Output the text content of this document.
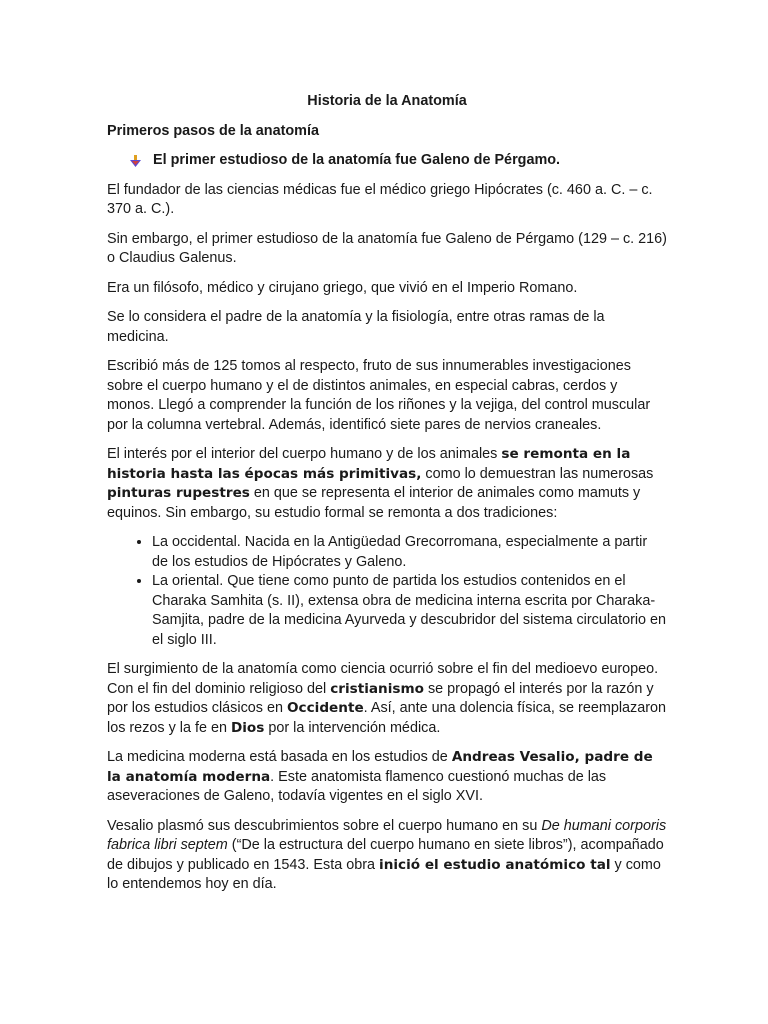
Historia de la Anatomía
Primeros pasos de la anatomía
El primer estudioso de la anatomía fue Galeno de Pérgamo.

El fundador de las ciencias médicas fue el médico griego Hipócrates (c. 460 a. C. – c. 370 a. C.).

Sin embargo, el primer estudioso de la anatomía fue Galeno de Pérgamo (129 – c. 216) o Claudius Galenus.

Era un filósofo, médico y cirujano griego, que vivió en el Imperio Romano.

Se lo considera el padre de la anatomía y la fisiología, entre otras ramas de la medicina.

Escribió más de 125 tomos al respecto, fruto de sus innumerables investigaciones sobre el cuerpo humano y el de distintos animales, en especial cabras, cerdos y monos. Llegó a comprender la función de los riñones y la vejiga, del control muscular por la columna vertebral. Además, identificó siete pares de nervios craneales.

El interés por el interior del cuerpo humano y de los animales se remonta en la historia hasta las épocas más primitivas, como lo demuestran las numerosas pinturas rupestres en que se representa el interior de animales como mamuts y equinos. Sin embargo, su estudio formal se remonta a dos tradiciones:

• La occidental. Nacida en la Antigüedad Grecorromana, especialmente a partir de los estudios de Hipócrates y Galeno.
• La oriental. Que tiene como punto de partida los estudios contenidos en el Charaka Samhita (s. II), extensa obra de medicina interna escrita por Charaka-Samjita, padre de la medicina Ayurveda y descubridor del sistema circulatorio en el siglo III.

El surgimiento de la anatomía como ciencia ocurrió sobre el fin del medioevo europeo. Con el fin del dominio religioso del cristianismo se propagó el interés por la razón y por los estudios clásicos en Occidente. Así, ante una dolencia física, se reemplazaron los rezos y la fe en Dios por la intervención médica.

La medicina moderna está basada en los estudios de Andreas Vesalio, padre de la anatomía moderna. Este anatomista flamenco cuestionó muchas de las aseveraciones de Galeno, todavía vigentes en el siglo XVI.

Vesalio plasmó sus descubrimientos sobre el cuerpo humano en su De humani corporis fabrica libri septem (“De la estructura del cuerpo humano en siete libros”), acompañado de dibujos y publicado en 1543. Esta obra inició el estudio anatómico tal y como lo entendemos hoy en día.
